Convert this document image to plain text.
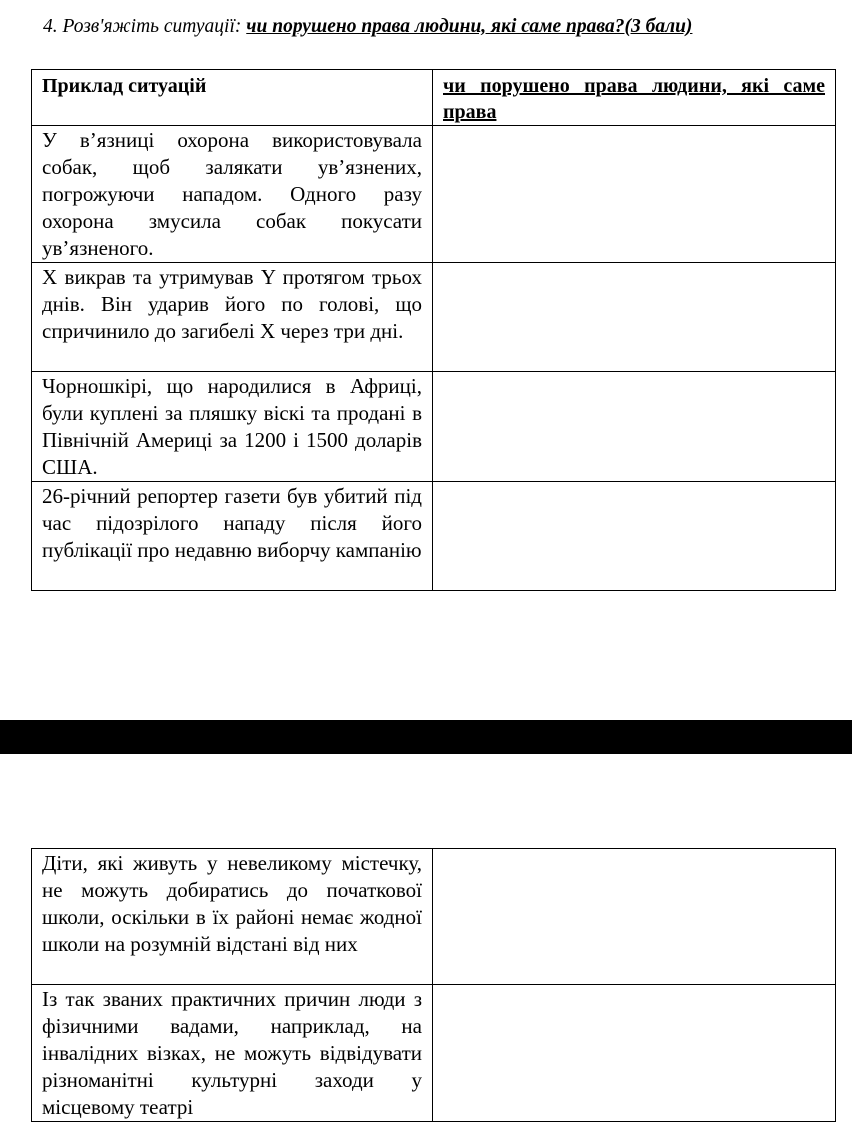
4. Розв'яжіть ситуації: чи порушено права людини, які саме права?(3 бали)
Приклад ситуацій	чи порушено права людини, які саме права
У в’язниці охорона використовувала собак, щоб залякати ув’язнених, погрожуючи нападом. Одного разу охорона змусила собак покусати ув’язненого.	
X викрав та утримував Y протягом трьох днів. Він ударив його по голові, що спричинило до загибелі X через три дні.	
Чорношкірі, що народилися в Африці, були куплені за пляшку віскі та продані в Північній Америці за 1200 і 1500 доларів США.	
26-річний репортер газети був убитий під час підозрілого нападу після його публікації про недавню виборчу кампанію	
Діти, які живуть у невеликому містечку, не можуть добиратись до початкової школи, оскільки в їх районі немає жодної школи на розумній відстані від них	
Із так званих практичних причин люди з фізичними вадами, наприклад, на інвалідних візках, не можуть відвідувати різноманітні культурні заходи у місцевому театрі	
